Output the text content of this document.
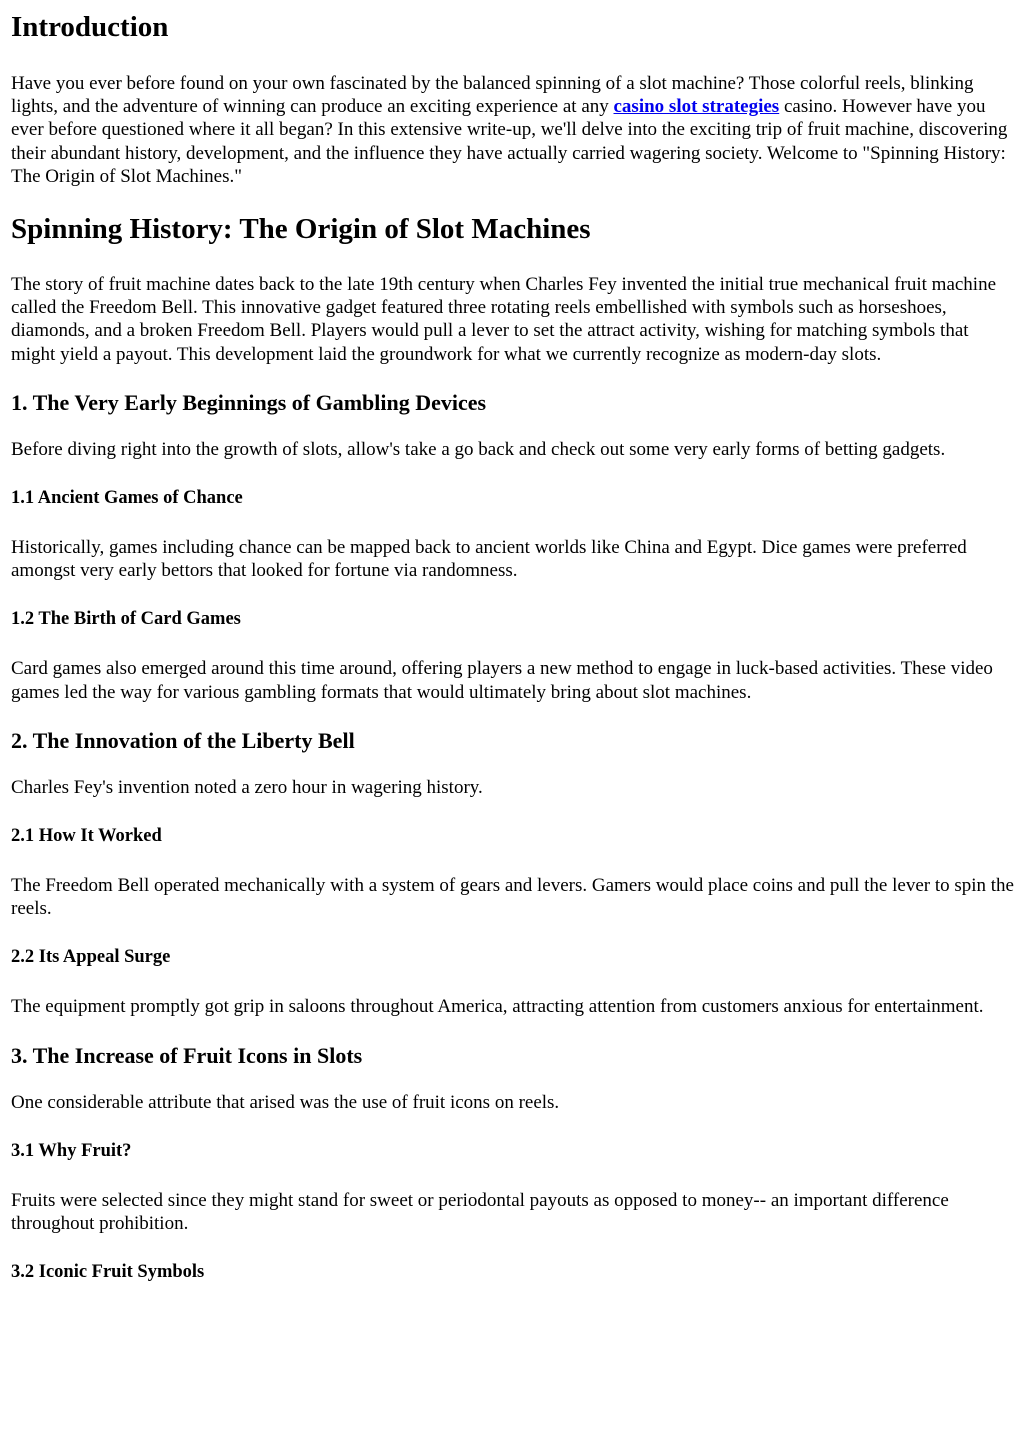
Introduction

Have you ever before found on your own fascinated by the balanced spinning of a slot machine? Those colorful reels, blinking lights, and the adventure of winning can produce an exciting experience at any casino slot strategies casino. However have you ever before questioned where it all began? In this extensive write-up, we'll delve into the exciting trip of fruit machine, discovering their abundant history, development, and the influence they have actually carried wagering society. Welcome to "Spinning History: The Origin of Slot Machines."

Spinning History: The Origin of Slot Machines

The story of fruit machine dates back to the late 19th century when Charles Fey invented the initial true mechanical fruit machine called the Freedom Bell. This innovative gadget featured three rotating reels embellished with symbols such as horseshoes, diamonds, and a broken Freedom Bell. Players would pull a lever to set the attract activity, wishing for matching symbols that might yield a payout. This development laid the groundwork for what we currently recognize as modern-day slots.

1. The Very Early Beginnings of Gambling Devices

Before diving right into the growth of slots, allow's take a go back and check out some very early forms of betting gadgets.

1.1 Ancient Games of Chance

Historically, games including chance can be mapped back to ancient worlds like China and Egypt. Dice games were preferred amongst very early bettors that looked for fortune via randomness.

1.2 The Birth of Card Games

Card games also emerged around this time around, offering players a new method to engage in luck-based activities. These video games led the way for various gambling formats that would ultimately bring about slot machines.

2. The Innovation of the Liberty Bell

Charles Fey's invention noted a zero hour in wagering history.

2.1 How It Worked

The Freedom Bell operated mechanically with a system of gears and levers. Gamers would place coins and pull the lever to spin the reels.

2.2 Its Appeal Surge

The equipment promptly got grip in saloons throughout America, attracting attention from customers anxious for entertainment.

3. The Increase of Fruit Icons in Slots

One considerable attribute that arised was the use of fruit icons on reels.

3.1 Why Fruit?

Fruits were selected since they might stand for sweet or periodontal payouts as opposed to money-- an important difference throughout prohibition.

3.2 Iconic Fruit Symbols
